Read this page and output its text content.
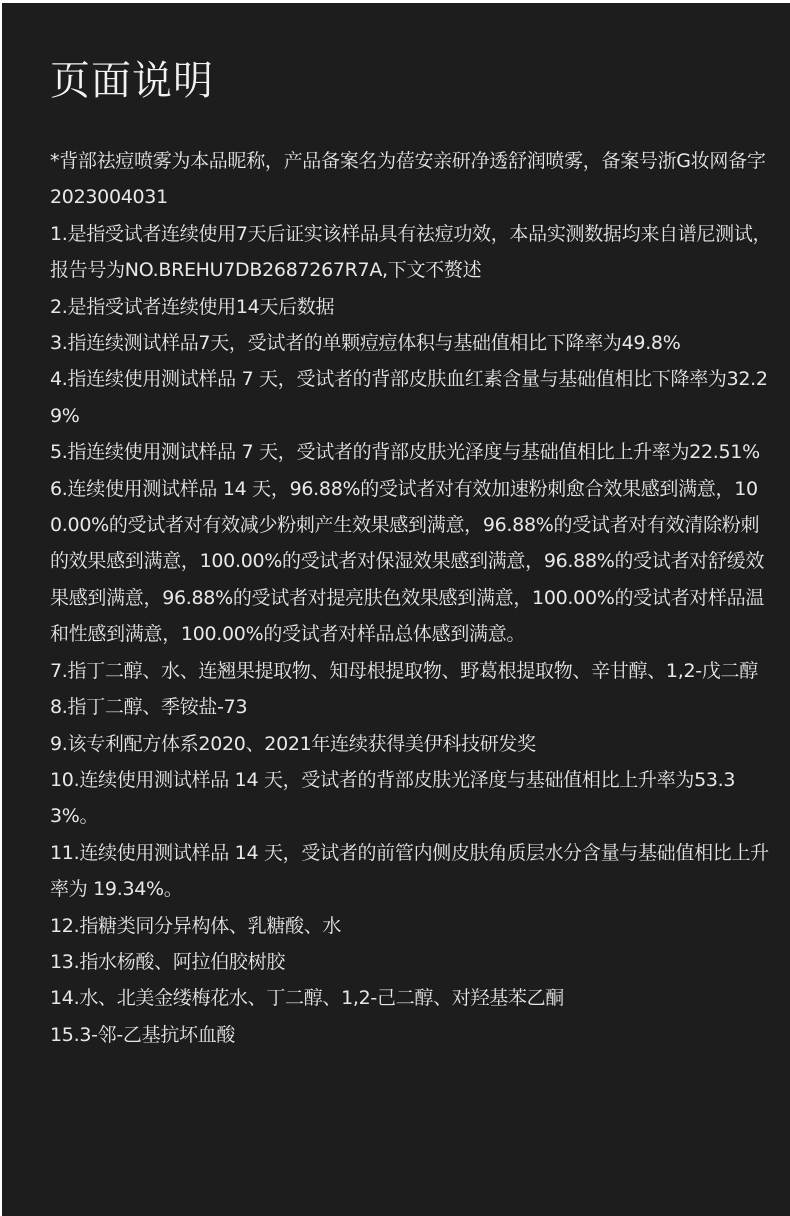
页面说明
*背部祛痘喷雾为本品昵称，产品备案名为蓓安亲研净透舒润喷雾，备案号浙G妆网备字2023004031
1.是指受试者连续使用7天后证实该样品具有祛痘功效，本品实测数据均来自谱尼测试，报告号为NO.BREHU7DB2687267R7A,下文不赘述
2.是指受试者连续使用14天后数据
3.指连续测试样品7天，受试者的单颗痘痘体积与基础值相比下降率为49.8%
4.指连续使用测试样品 7 天，受试者的背部皮肤血红素含量与基础值相比下降率为32.29%
5.指连续使用测试样品 7 天，受试者的背部皮肤光泽度与基础值相比上升率为22.51%
6.连续使用测试样品 14 天，96.88%的受试者对有效加速粉刺愈合效果感到满意，100.00%的受试者对有效减少粉刺产生效果感到满意，96.88%的受试者对有效清除粉刺的效果感到满意，100.00%的受试者对保湿效果感到满意，96.88%的受试者对舒缓效果感到满意，96.88%的受试者对提亮肤色效果感到满意，100.00%的受试者对样品温和性感到满意，100.00%的受试者对样品总体感到满意。
7.指丁二醇、水、连翘果提取物、知母根提取物、野葛根提取物、辛甘醇、1,2-戊二醇
8.指丁二醇、季铵盐-73
9.该专利配方体系2020、2021年连续获得美伊科技研发奖
10.连续使用测试样品 14 天，受试者的背部皮肤光泽度与基础值相比上升率为53.33%。
11.连续使用测试样品 14 天，受试者的前管内侧皮肤角质层水分含量与基础值相比上升率为 19.34%。
12.指糖类同分异构体、乳糖酸、水
13.指水杨酸、阿拉伯胶树胶
14.水、北美金缕梅花水、丁二醇、1,2-己二醇、对羟基苯乙酮
15.3-邻-乙基抗坏血酸
